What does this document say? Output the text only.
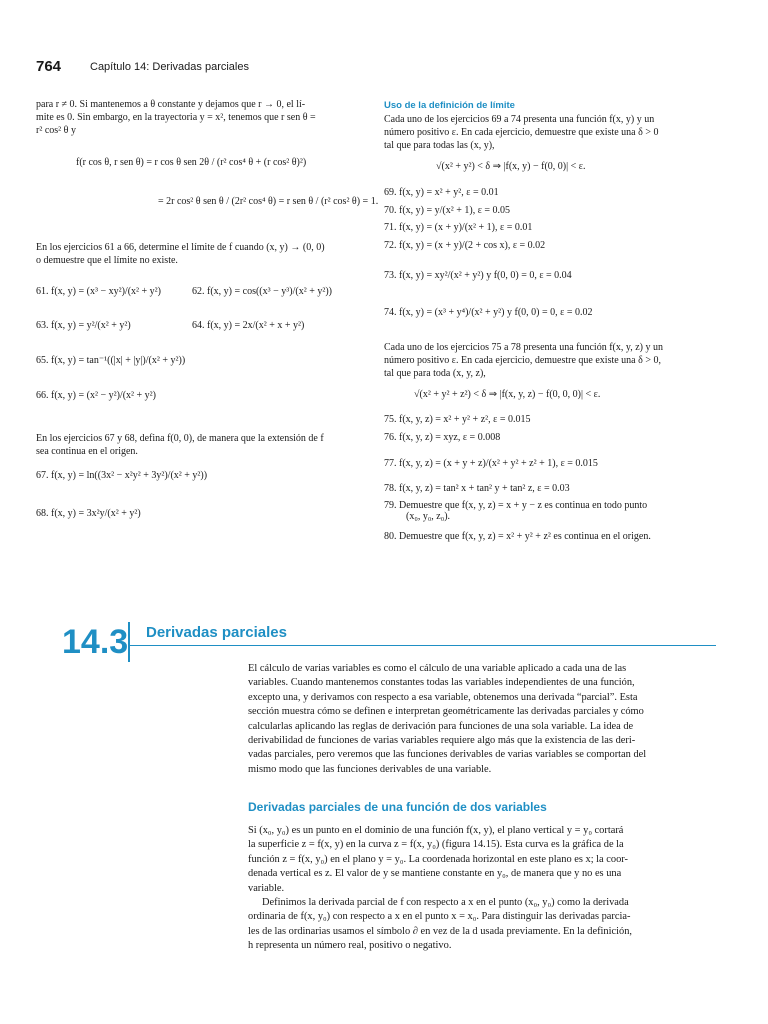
764	Capítulo 14: Derivadas parciales
para r ≠ 0. Si mantenemos a θ constante y dejamos que r → 0, el lí-
mite es 0. Sin embargo, en la trayectoria y = x², tenemos que r sen θ =
r² cos² θ y
f(r cos θ, r sen θ) = r cos θ sen 2θ / (r² cos⁴ θ + (r cos² θ)²)
= 2r cos² θ sen θ / (2r² cos⁴ θ) = r sen θ / (r² cos² θ) = 1.
En los ejercicios 61 a 66, determine el límite de f cuando (x, y) → (0, 0)
o demuestre que el límite no existe.
61. f(x, y) = (x³ − xy²)/(x² + y²)	62. f(x, y) = cos((x³ − y³)/(x² + y²))
63. f(x, y) = y²/(x² + y²)	64. f(x, y) = 2x/(x² + x + y²)
65. f(x, y) = tan⁻¹((|x| + |y|)/(x² + y²))
66. f(x, y) = (x² − y²)/(x² + y²)
En los ejercicios 67 y 68, defina f(0, 0), de manera que la extensión de f
sea continua en el origen.
67. f(x, y) = ln((3x² − x²y² + 3y²)/(x² + y²))
68. f(x, y) = 3x²y/(x² + y²)
Uso de la definición de límite
Cada uno de los ejercicios 69 a 74 presenta una función f(x, y) y un
número positivo ε. En cada ejercicio, demuestre que existe una δ > 0
tal que para todas las (x, y),
√(x² + y²) < δ ⇒ |f(x, y) − f(0, 0)| < ε.
69. f(x, y) = x² + y², ε = 0.01
70. f(x, y) = y/(x² + 1), ε = 0.05
71. f(x, y) = (x + y)/(x² + 1), ε = 0.01
72. f(x, y) = (x + y)/(2 + cos x), ε = 0.02
73. f(x, y) = xy²/(x² + y²) y f(0, 0) = 0, ε = 0.04
74. f(x, y) = (x³ + y⁴)/(x² + y²) y f(0, 0) = 0, ε = 0.02
Cada uno de los ejercicios 75 a 78 presenta una función f(x, y, z) y un
número positivo ε. En cada ejercicio, demuestre que existe una δ > 0,
tal que para toda (x, y, z),
√(x² + y² + z²) < δ ⇒ |f(x, y, z) − f(0, 0, 0)| < ε.
75. f(x, y, z) = x² + y² + z², ε = 0.015
76. f(x, y, z) = xyz, ε = 0.008
77. f(x, y, z) = (x + y + z)/(x² + y² + z² + 1), ε = 0.015
78. f(x, y, z) = tan² x + tan² y + tan² z, ε = 0.03
79. Demuestre que f(x, y, z) = x + y − z es continua en todo punto
(x₀, y₀, z₀).
80. Demuestre que f(x, y, z) = x² + y² + z² es continua en el origen.
14.3 Derivadas parciales
El cálculo de varias variables es como el cálculo de una variable aplicado a cada una de las
variables. Cuando mantenemos constantes todas las variables independientes de una función,
excepto una, y derivamos con respecto a esa variable, obtenemos una derivada “parcial”. Esta
sección muestra cómo se definen e interpretan geométricamente las derivadas parciales y cómo
calcularlas aplicando las reglas de derivación para funciones de una sola variable. La idea de
derivabilidad de funciones de varias variables requiere algo más que la existencia de las deri-
vadas parciales, pero veremos que las funciones derivables de varias variables se comportan del
mismo modo que las funciones derivables de una variable.
Derivadas parciales de una función de dos variables
Si (x₀, y₀) es un punto en el dominio de una función f(x, y), el plano vertical y = y₀ cortará
la superficie z = f(x, y) en la curva z = f(x, y₀) (figura 14.15). Esta curva es la gráfica de la
función z = f(x, y₀) en el plano y = y₀. La coordenada horizontal en este plano es x; la coor-
denada vertical es z. El valor de y se mantiene constante en y₀, de manera que y no es una
variable.
Definimos la derivada parcial de f con respecto a x en el punto (x₀, y₀) como la derivada
ordinaria de f(x, y₀) con respecto a x en el punto x = x₀. Para distinguir las derivadas parcia-
les de las ordinarias usamos el símbolo ∂ en vez de la d usada previamente. En la definición,
h representa un número real, positivo o negativo.
